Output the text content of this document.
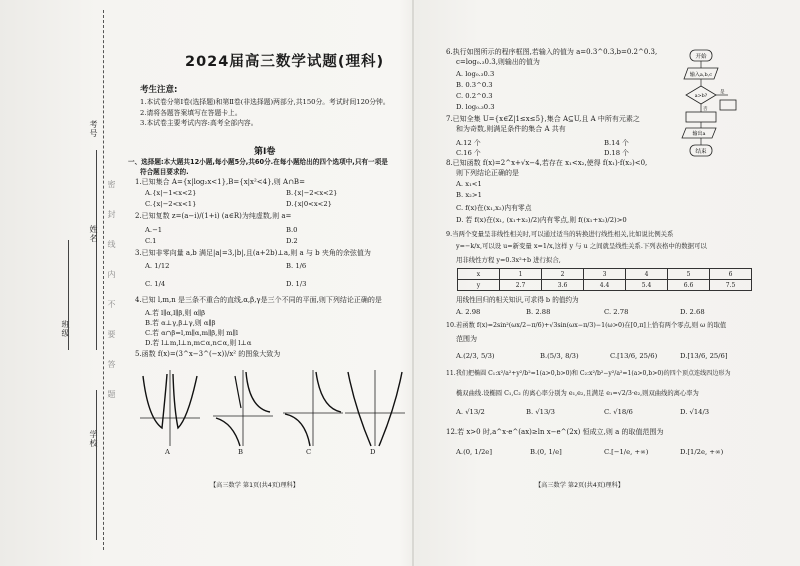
考号
姓名
班级
学校
密
封
线
内
不
要
答
题
2024届高三数学试题(理科)
考生注意:
1.本试卷分第Ⅰ卷(选择题)和第Ⅱ卷(非选择题)两部分,共150分。考试时间120分钟。
2.请将各题答案填写在答题卡上。
3.本试卷主要考试内容:高考全部内容。
第Ⅰ卷
一、选择题:本大题共12小题,每小题5分,共60分.在每小题给出的四个选项中,只有一项是
符合题目要求的.
1.已知集合 A={x|log₂x<1},B={x|x²<4},则 A∩B=
A.{x|−1<x<2}	B.{x|−2<x<2}
C.{x|−2<x<1}	D.{x|0<x<2}
2.已知复数 z=(a−i)/(1+i) (a∈R)为纯虚数,则 a=
A.−1	B.0
C.1	D.2
3.已知非零向量 a,b 满足|a|=3,|b|,且(a+2b)⊥a,则 a 与 b 夹角的余弦值为
A. 1/12	B. 1/6
C. 1/4	D. 1/3
4.已知 l,m,n 是三条不重合的直线,α,β,γ是三个不同的平面,则下列结论正确的是
A.若 l∥α,l∥β,则 α∥β
B.若 α⊥γ,β⊥γ,则 α∥β
C.若 α∩β=l,m∥α,m∥β,则 m∥l
D.若 l⊥m,l⊥n,m⊂α,n⊂α,则 l⊥α
5.函数 f(x)=(3^x−3^(−x))/x² 的图象大致为
A	B	C	D
【高三数学 第1页(共4页)理科】
6.执行如图所示的程序框图,若输入的值为 a=0.3^0.3,b=0.2^0.3,
c=log₀.₃0.3,则输出的值为
A. log₀.₃0.3
B. 0.3^0.3
C. 0.2^0.3
D. log₀.₃0.3
开始
输入a,b,c
a>b?
是
否
输出a
结束
7.已知全集 U={x∈Z|1≤x≤5},集合 A⊆U,且 A 中所有元素之
和为奇数,则满足条件的集合 A 共有
A.12 个	B.14 个
C.16 个	D.18 个
8.已知函数 f(x)=2^x+√x−4,若存在 x₁<x₂,使得 f(x₁)·f(x₂)<0,
则下列结论正确的是
A. x₁<1
B. x₂>1
C. f(x)在(x₁,x₂)内有零点
D. 若 f(x)在(x₁, (x₁+x₂)/2)内有零点,则 f((x₁+x₂)/2)>0
9.当两个变量呈非线性相关时,可以通过适当的转换进行线性相关,比如说比例关系
y=−k/x,可以设 u=新变量 x=1/x,这样 y 与 u 之间就呈线性关系.下列表格中的数据可以
用非线性方程 y=0.3x²+b 进行拟合,
x	1	2	3	4	5	6
y	2.7	3.6	4.4	5.4	6.6	7.5
用线性回归的相关知识,可求得 b 的值约为
A. 2.98	B. 2.88	C. 2.78	D. 2.68
10.若函数 f(x)=2sin²(ωx/2−π/6)+√3sin(ωx−π/3)−1(ω>0)在[0,π]上恰有两个零点,则 ω 的取值
范围为
A.(2/3, 5/3)	B.(5/3, 8/3)	C.[13/6, 25/6)	D.[13/6, 25/6]
11.我们把椭圆 C₁:x²/a²+y²/b²=1(a>0,b>0)和 C₂:x²/b²−y²/a²=1(a>0,b>0)的四个顶点连线四边形为
椭双曲线.设椭圆 C₁,C₂ 的离心率分别为 e₁,e₂,且满足 e₁=√2/3·e₂,则双曲线的离心率为
A. √13/2	B. √13/3	C. √18/6	D. √14/3
12.若 x>0 时,a^x·e^(ax)≥ln x−e^(2x) 恒成立,则 a 的取值范围为
A.(0, 1/2e]	B.(0, 1/e]	C.[−1/e, +∞)	D.[1/2e, +∞)
【高三数学 第2页(共4页)理科】
